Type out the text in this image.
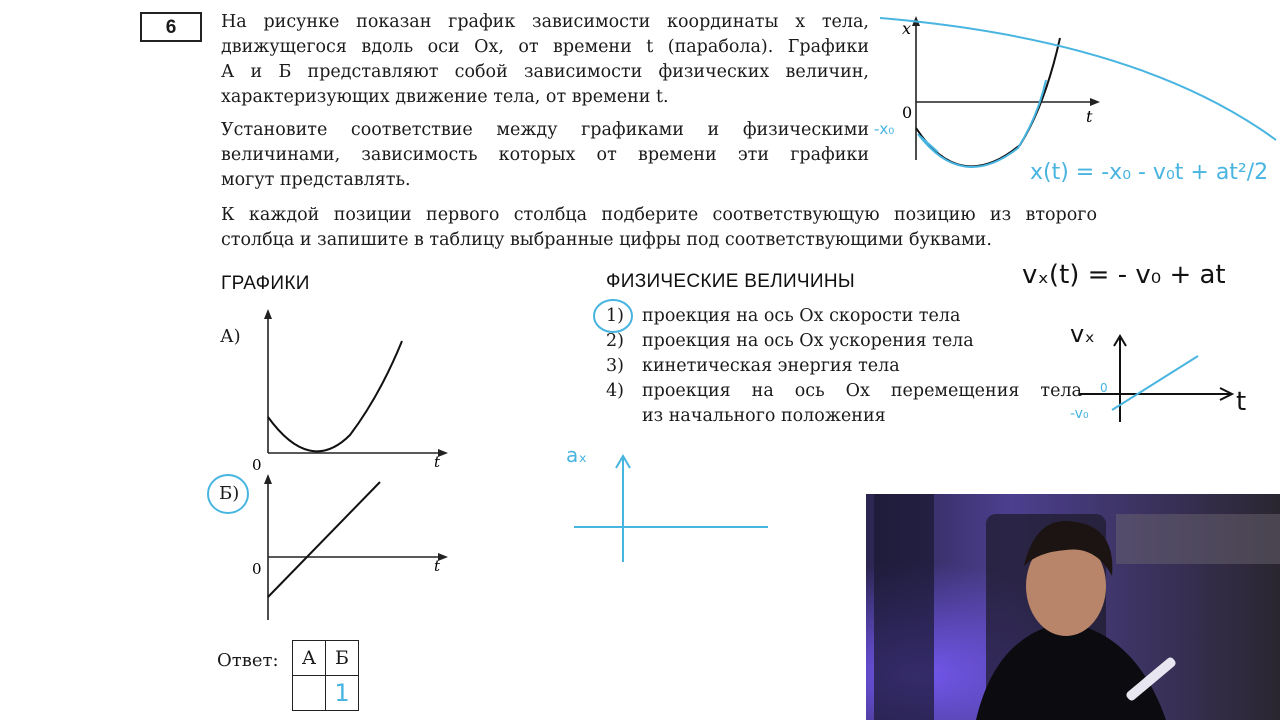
6	На рисунке показан график зависимости координаты x тела,
движущегося вдоль оси Ox, от времени t (парабола). Графики
А и Б представляют собой зависимости физических величин,
характеризующих движение тела, от времени t.
Установите соответствие между графиками и физическими
величинами, зависимость которых от времени эти графики
могут представлять.
К каждой позиции первого столбца подберите соответствующую позицию из второго
столбца и запишите в таблицу выбранные цифры под соответствующими буквами.
x
t
0
-x₀
x(t) = -x₀ - v₀t + at²/2
vₓ(t) = - v₀ + at
ГРАФИКИ	ФИЗИЧЕСКИЕ ВЕЛИЧИНЫ
А)
t
0
Б)
t
0
1)	проекция на ось Ox скорости тела
2)	проекция на ось Ox ускорения тела
3)	кинетическая энергия тела
4)	проекция на ось Ox перемещения тела
из начального положения
vₓ
t
0
-v₀
aₓ
Ответ: А	Б
	1
